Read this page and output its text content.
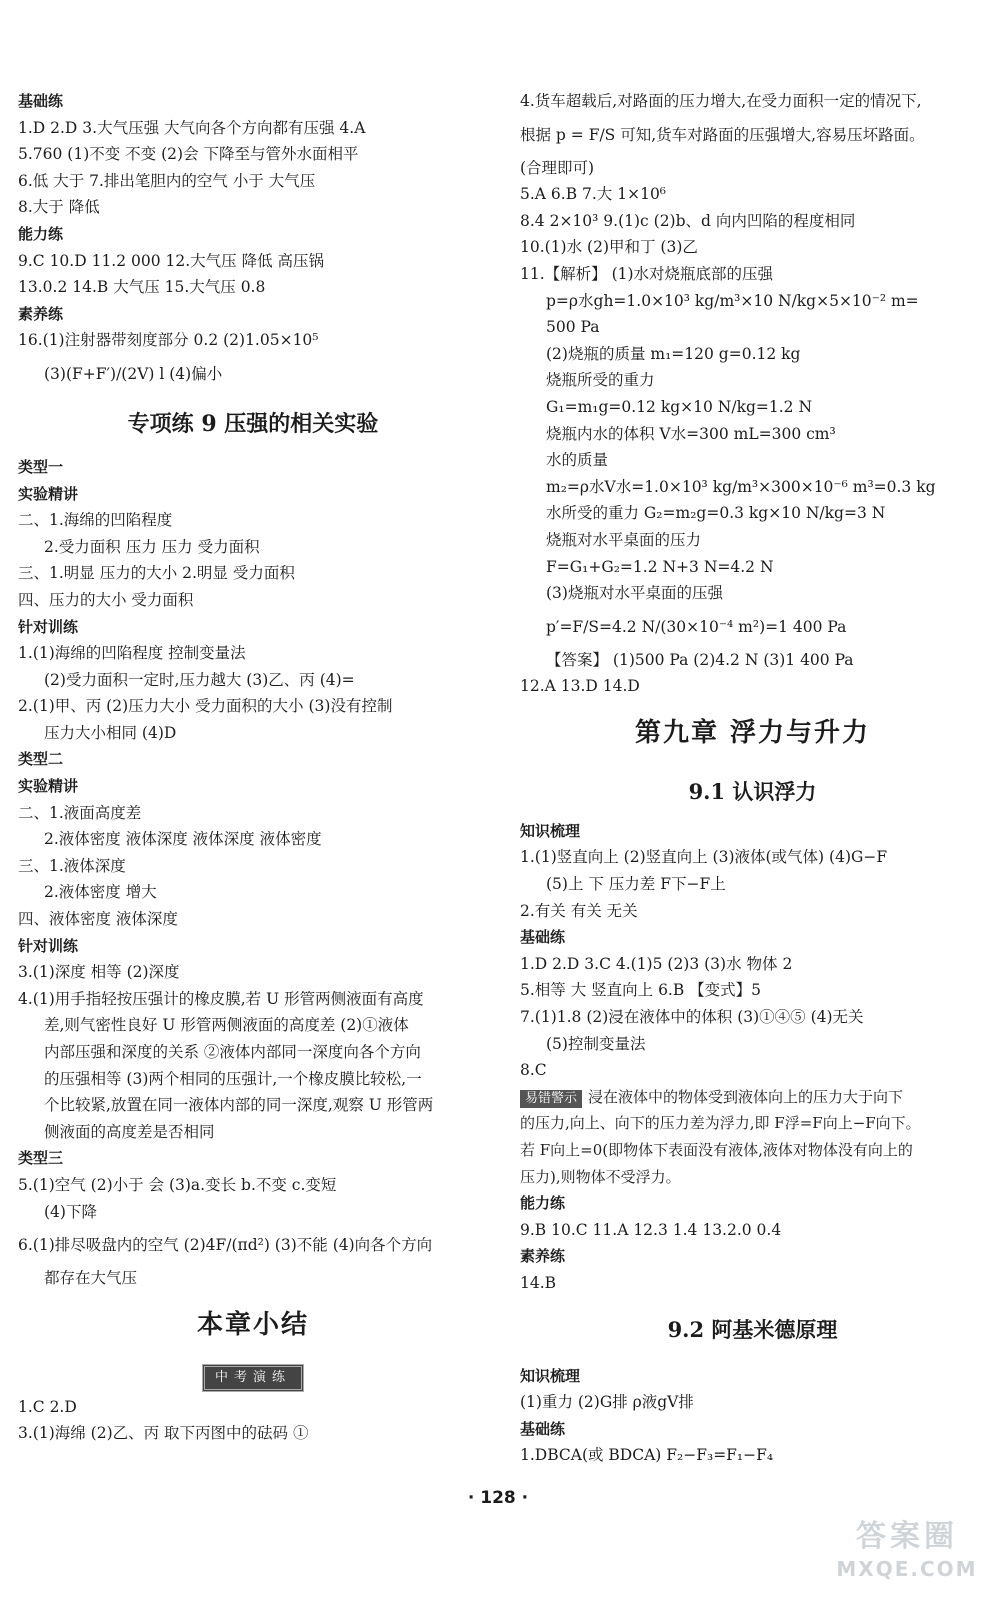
基础练
1.D 2.D 3.大气压强 大气向各个方向都有压强 4.A
5.760 (1)不变 不变 (2)会 下降至与管外水面相平
6.低 大于 7.排出笔胆内的空气 小于 大气压
8.大于 降低
能力练
9.C 10.D 11.2 000 12.大气压 降低 高压锅
13.0.2 14.B 大气压 15.大气压 0.8
素养练
16.(1)注射器带刻度部分 0.2 (2)1.05×10⁵
(3)(F+F′)/(2V) l (4)偏小
专项练 9 压强的相关实验
类型一
实验精讲
二、1.海绵的凹陷程度
2.受力面积 压力 压力 受力面积
三、1.明显 压力的大小 2.明显 受力面积
四、压力的大小 受力面积
针对训练
1.(1)海绵的凹陷程度 控制变量法
(2)受力面积一定时,压力越大 (3)乙、丙 (4)=
2.(1)甲、丙 (2)压力大小 受力面积的大小 (3)没有控制
压力大小相同 (4)D
类型二
实验精讲
二、1.液面高度差
2.液体密度 液体深度 液体深度 液体密度
三、1.液体深度
2.液体密度 增大
四、液体密度 液体深度
针对训练
3.(1)深度 相等 (2)深度
4.(1)用手指轻按压强计的橡皮膜,若 U 形管两侧液面有高度
差,则气密性良好 U 形管两侧液面的高度差 (2)①液体
内部压强和深度的关系 ②液体内部同一深度向各个方向
的压强相等 (3)两个相同的压强计,一个橡皮膜比较松,一
个比较紧,放置在同一液体内部的同一深度,观察 U 形管两
侧液面的高度差是否相同
类型三
5.(1)空气 (2)小于 会 (3)a.变长 b.不变 c.变短
(4)下降
6.(1)排尽吸盘内的空气 (2)4F/(πd²) (3)不能 (4)向各个方向
都存在大气压
本章小结
中考演练
1.C 2.D
3.(1)海绵 (2)乙、丙 取下丙图中的砝码 ①
4.货车超载后,对路面的压力增大,在受力面积一定的情况下,
根据 p = F/S 可知,货车对路面的压强增大,容易压坏路面。
(合理即可)
5.A 6.B 7.大 1×10⁶
8.4 2×10³ 9.(1)c (2)b、d 向内凹陷的程度相同
10.(1)水 (2)甲和丁 (3)乙
11.【解析】 (1)水对烧瓶底部的压强
p=ρ水gh=1.0×10³ kg/m³×10 N/kg×5×10⁻² m=
500 Pa
(2)烧瓶的质量 m₁=120 g=0.12 kg
烧瓶所受的重力
G₁=m₁g=0.12 kg×10 N/kg=1.2 N
烧瓶内水的体积 V水=300 mL=300 cm³
水的质量
m₂=ρ水V水=1.0×10³ kg/m³×300×10⁻⁶ m³=0.3 kg
水所受的重力 G₂=m₂g=0.3 kg×10 N/kg=3 N
烧瓶对水平桌面的压力
F=G₁+G₂=1.2 N+3 N=4.2 N
(3)烧瓶对水平桌面的压强
p′=F/S=4.2 N/(30×10⁻⁴ m²)=1 400 Pa
【答案】 (1)500 Pa (2)4.2 N (3)1 400 Pa
12.A 13.D 14.D
第九章 浮力与升力
9.1 认识浮力
知识梳理
1.(1)竖直向上 (2)竖直向上 (3)液体(或气体) (4)G−F
(5)上 下 压力差 F下−F上
2.有关 有关 无关
基础练
1.D 2.D 3.C 4.(1)5 (2)3 (3)水 物体 2
5.相等 大 竖直向上 6.B 【变式】5
7.(1)1.8 (2)浸在液体中的体积 (3)①④⑤ (4)无关
(5)控制变量法
8.C
易错警示 浸在液体中的物体受到液体向上的压力大于向下
的压力,向上、向下的压力差为浮力,即 F浮=F向上−F向下。
若 F向上=0(即物体下表面没有液体,液体对物体没有向上的
压力),则物体不受浮力。
能力练
9.B 10.C 11.A 12.3 1.4 13.2.0 0.4
素养练
14.B
9.2 阿基米德原理
知识梳理
(1)重力 (2)G排 ρ液gV排
基础练
1.DBCA(或 BDCA) F₂−F₃=F₁−F₄
· 128 ·
答案圈
MXQE.COM
